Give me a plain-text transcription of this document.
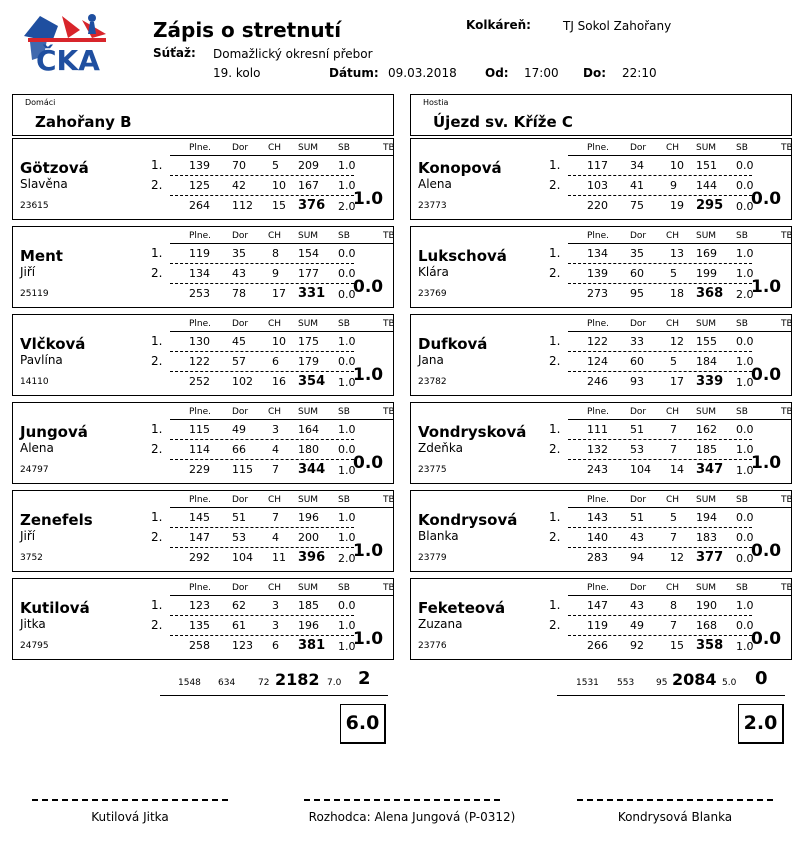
ČKA
Zápis o stretnutí	Kolkáreň:	TJ Sokol Zahořany
Súťaž: Domažlický okresní přebor
19. kolo	Dátum: 09.03.2018 Od: 17:00 Do: 22:10
Domáci
Zahořany B
Hostia
Újezd sv. Kříže C
Plne. Dor CH SUM SB	TB
Götzová
Slavěna
23615
1. 139 70 5 209 1.0
2. 125 42 10 167 1.0
264 112 15 376 2.0
1.0
Plne. Dor CH SUM SB	TB
Ment
Jiří
25119
1. 119 35 8 154 0.0
2. 134 43 9 177 0.0
253 78 17 331 0.0
0.0
Plne. Dor CH SUM SB	TB
Vlčková
Pavlína
14110
1. 130 45 10 175 1.0
2. 122 57 6 179 0.0
252 102 16 354 1.0
1.0
Plne. Dor CH SUM SB	TB
Jungová
Alena
24797
1. 115 49 3 164 1.0
2. 114 66 4 180 0.0
229 115 7 344 1.0
0.0
Plne. Dor CH SUM SB	TB
Zenefels
Jiří
3752
1. 145 51 7 196 1.0
2. 147 53 4 200 1.0
292 104 11 396 2.0
1.0
Plne. Dor CH SUM SB	TB
Kutilová
Jitka
24795
1. 123 62 3 185 0.0
2. 135 61 3 196 1.0
258 123 6 381 1.0
1.0
Plne. Dor CH SUM SB	TB
Konopová
Alena
23773
1. 117 34 10 151 0.0
2. 103 41 9 144 0.0
220 75 19 295 0.0
0.0
Plne. Dor CH SUM SB	TB
Lukschová
Klára
23769
1. 134 35 13 169 1.0
2. 139 60 5 199 1.0
273 95 18 368 2.0
1.0
Plne. Dor CH SUM SB	TB
Dufková
Jana
23782
1. 122 33 12 155 0.0
2. 124 60 5 184 1.0
246 93 17 339 1.0
0.0
Plne. Dor CH SUM SB	TB
Vondrysková
Zdeňka
23775
1. 111 51 7 162 0.0
2. 132 53 7 185 1.0
243 104 14 347 1.0
1.0
Plne. Dor CH SUM SB	TB
Kondrysová
Blanka
23779
1. 143 51 5 194 0.0
2. 140 43 7 183 0.0
283 94 12 377 0.0
0.0
Plne. Dor CH SUM SB	TB
Feketeová
Zuzana
23776
1. 147 43 8 190 1.0
2. 119 49 7 168 0.0
266 92 15 358 1.0
0.0
1548 634	72 2182 7.0 2
6.0
1531 553 95 2084 5.0 0
2.0
Kutilová Jitka	Rozhodca: Alena Jungová (P-0312)	Kondrysová Blanka
